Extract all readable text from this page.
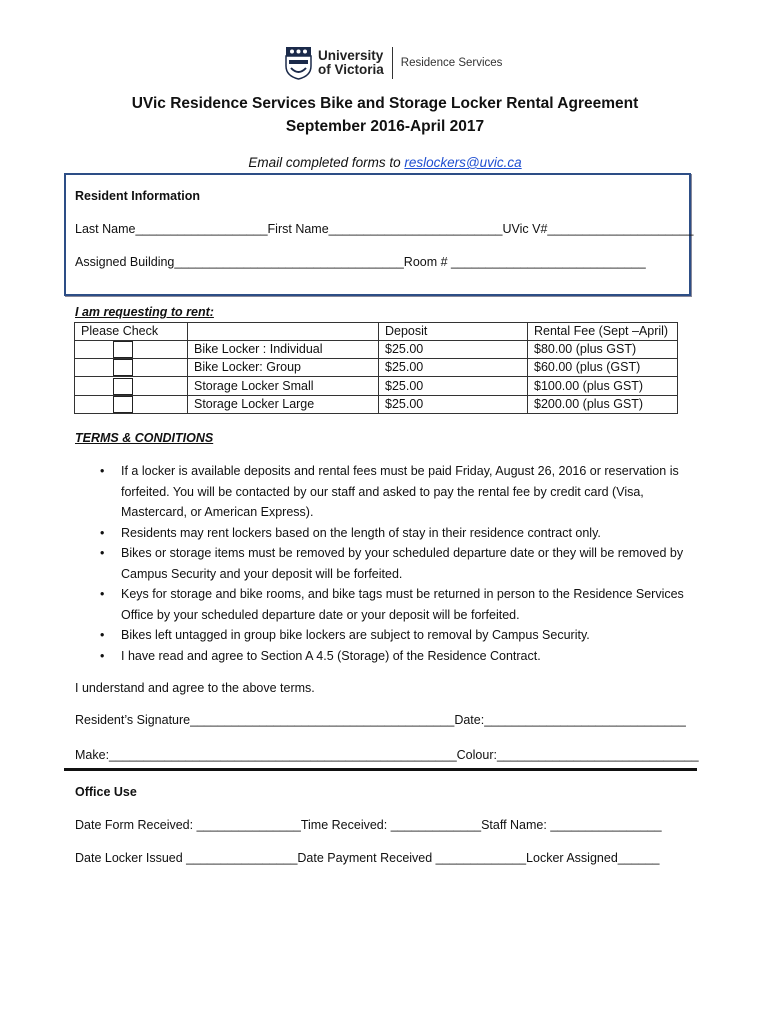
University
of Victoria Residence Services
UVic Residence Services Bike and Storage Locker Rental Agreement
September 2016-April 2017
Email completed forms to reslockers@uvic.ca
Resident Information
Last Name___________________First Name_________________________UVic V#_____________________
Assigned Building_________________________________Room # ____________________________
I am requesting to rent:
Please Check		Deposit	Rental Fee (Sept –April)
	Bike Locker : Individual	$25.00	$80.00 (plus GST)
	Bike Locker: Group	$25.00	$60.00 (plus (GST)
	Storage Locker Small	$25.00	$100.00 (plus GST)
	Storage Locker Large	$25.00	$200.00 (plus GST)
TERMS & CONDITIONS
• If a locker is available deposits and rental fees must be paid Friday, August 26, 2016 or reservation is forfeited. You will be contacted by our staff and asked to pay the rental fee by credit card (Visa, Mastercard, or American Express).
• Residents may rent lockers based on the length of stay in their residence contract only.
• Bikes or storage items must be removed by your scheduled departure date or they will be removed by Campus Security and your deposit will be forfeited.
• Keys for storage and bike rooms, and bike tags must be returned in person to the Residence Services Office by your scheduled departure date or your deposit will be forfeited.
• Bikes left untagged in group bike lockers are subject to removal by Campus Security.
• I have read and agree to Section A 4.5 (Storage) of the Residence Contract.
I understand and agree to the above terms.
Resident’s Signature______________________________________Date:_____________________________
Make:__________________________________________________Colour:_____________________________
Office Use
Date Form Received: _______________Time Received: _____________Staff Name: ________________
Date Locker Issued ________________Date Payment Received _____________Locker Assigned______
